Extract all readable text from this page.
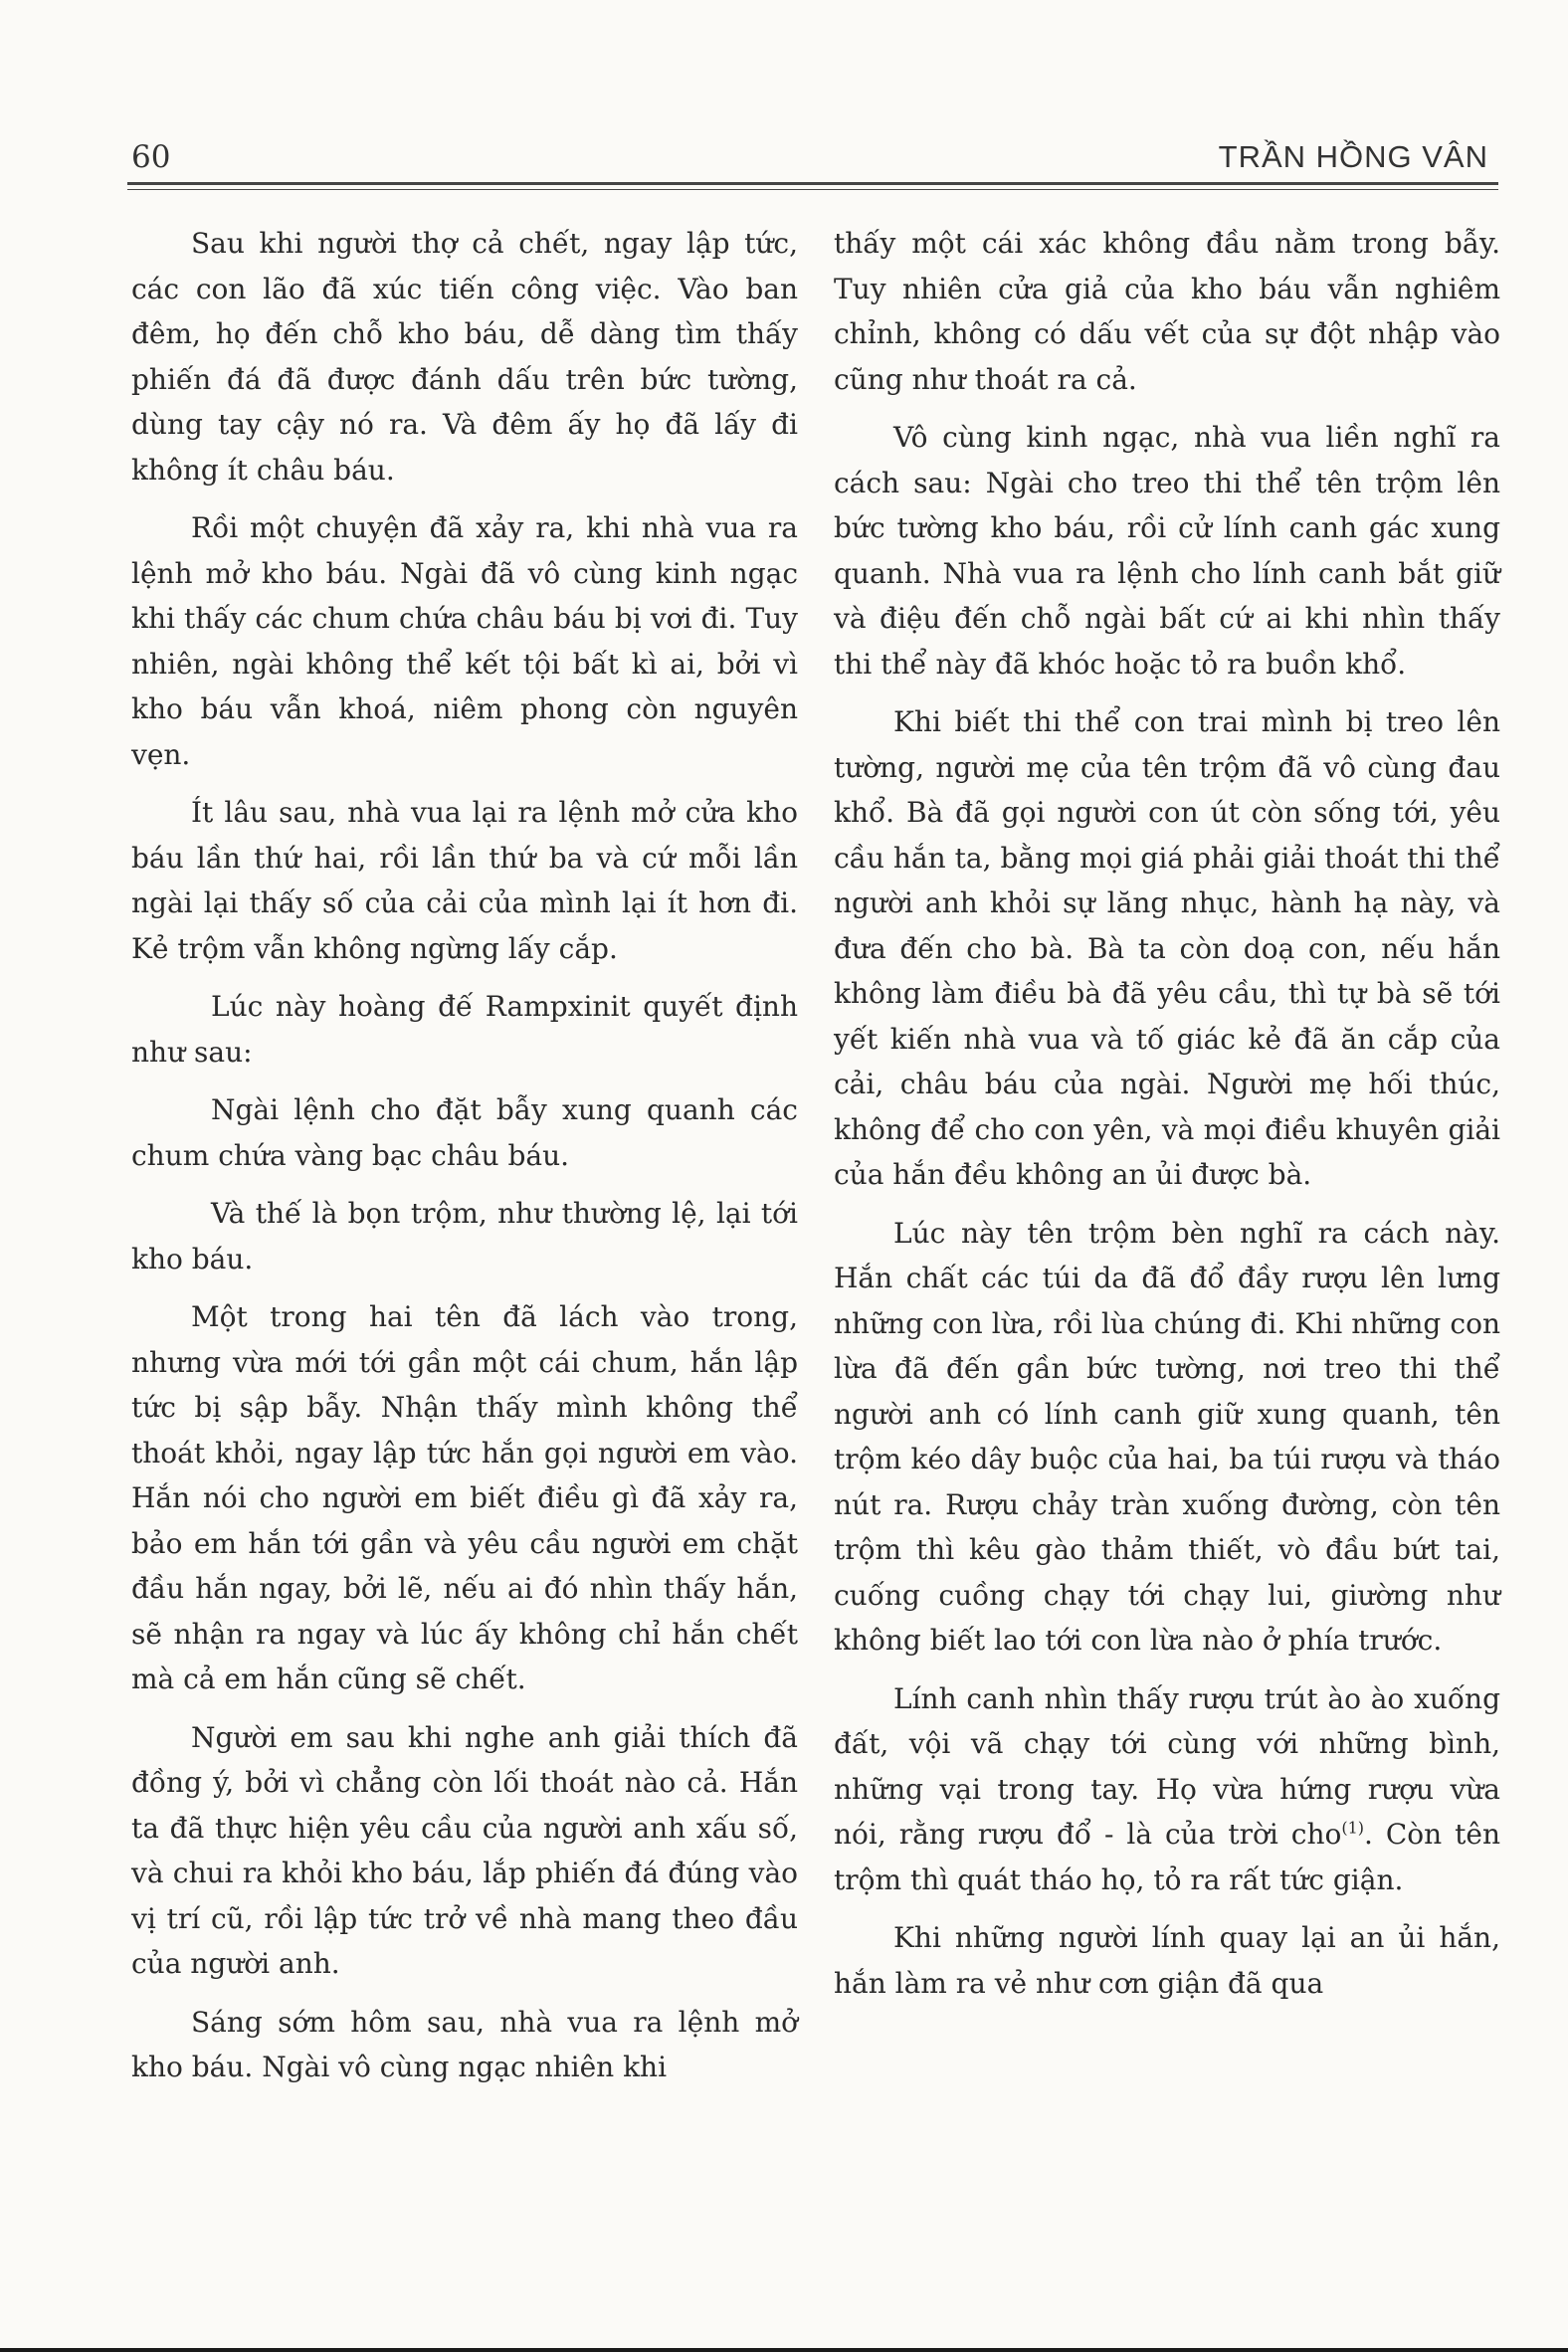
60	TRẦN HỒNG VÂN

Sau khi người thợ cả chết, ngay lập tức, các con lão đã xúc tiến công việc. Vào ban đêm, họ đến chỗ kho báu, dễ dàng tìm thấy phiến đá đã được đánh dấu trên bức tường, dùng tay cậy nó ra. Và đêm ấy họ đã lấy đi không ít châu báu.

Rồi một chuyện đã xảy ra, khi nhà vua ra lệnh mở kho báu. Ngài đã vô cùng kinh ngạc khi thấy các chum chứa châu báu bị vơi đi. Tuy nhiên, ngài không thể kết tội bất kì ai, bởi vì kho báu vẫn khoá, niêm phong còn nguyên vẹn.

Ít lâu sau, nhà vua lại ra lệnh mở cửa kho báu lần thứ hai, rồi lần thứ ba và cứ mỗi lần ngài lại thấy số của cải của mình lại ít hơn đi. Kẻ trộm vẫn không ngừng lấy cắp.

Lúc này hoàng đế Rampxinit quyết định như sau:

Ngài lệnh cho đặt bẫy xung quanh các chum chứa vàng bạc châu báu.

Và thế là bọn trộm, như thường lệ, lại tới kho báu.

Một trong hai tên đã lách vào trong, nhưng vừa mới tới gần một cái chum, hắn lập tức bị sập bẫy. Nhận thấy mình không thể thoát khỏi, ngay lập tức hắn gọi người em vào. Hắn nói cho người em biết điều gì đã xảy ra, bảo em hắn tới gần và yêu cầu người em chặt đầu hắn ngay, bởi lẽ, nếu ai đó nhìn thấy hắn, sẽ nhận ra ngay và lúc ấy không chỉ hắn chết mà cả em hắn cũng sẽ chết.

Người em sau khi nghe anh giải thích đã đồng ý, bởi vì chẳng còn lối thoát nào cả. Hắn ta đã thực hiện yêu cầu của người anh xấu số, và chui ra khỏi kho báu, lắp phiến đá đúng vào vị trí cũ, rồi lập tức trở về nhà mang theo đầu của người anh.

Sáng sớm hôm sau, nhà vua ra lệnh mở kho báu. Ngài vô cùng ngạc nhiên khi

thấy một cái xác không đầu nằm trong bẫy. Tuy nhiên cửa giả của kho báu vẫn nghiêm chỉnh, không có dấu vết của sự đột nhập vào cũng như thoát ra cả.

Vô cùng kinh ngạc, nhà vua liền nghĩ ra cách sau: Ngài cho treo thi thể tên trộm lên bức tường kho báu, rồi cử lính canh gác xung quanh. Nhà vua ra lệnh cho lính canh bắt giữ và điệu đến chỗ ngài bất cứ ai khi nhìn thấy thi thể này đã khóc hoặc tỏ ra buồn khổ.

Khi biết thi thể con trai mình bị treo lên tường, người mẹ của tên trộm đã vô cùng đau khổ. Bà đã gọi người con út còn sống tới, yêu cầu hắn ta, bằng mọi giá phải giải thoát thi thể người anh khỏi sự lăng nhục, hành hạ này, và đưa đến cho bà. Bà ta còn doạ con, nếu hắn không làm điều bà đã yêu cầu, thì tự bà sẽ tới yết kiến nhà vua và tố giác kẻ đã ăn cắp của cải, châu báu của ngài. Người mẹ hối thúc, không để cho con yên, và mọi điều khuyên giải của hắn đều không an ủi được bà.

Lúc này tên trộm bèn nghĩ ra cách này. Hắn chất các túi da đã đổ đầy rượu lên lưng những con lừa, rồi lùa chúng đi. Khi những con lừa đã đến gần bức tường, nơi treo thi thể người anh có lính canh giữ xung quanh, tên trộm kéo dây buộc của hai, ba túi rượu và tháo nút ra. Rượu chảy tràn xuống đường, còn tên trộm thì kêu gào thảm thiết, vò đầu bứt tai, cuống cuồng chạy tới chạy lui, giường như không biết lao tới con lừa nào ở phía trước.

Lính canh nhìn thấy rượu trút ào ào xuống đất, vội vã chạy tới cùng với những bình, những vại trong tay. Họ vừa hứng rượu vừa nói, rằng rượu đổ - là của trời cho$^{(1)}$. Còn tên trộm thì quát tháo họ, tỏ ra rất tức giận.

Khi những người lính quay lại an ủi hắn, hắn làm ra vẻ như cơn giận đã qua
